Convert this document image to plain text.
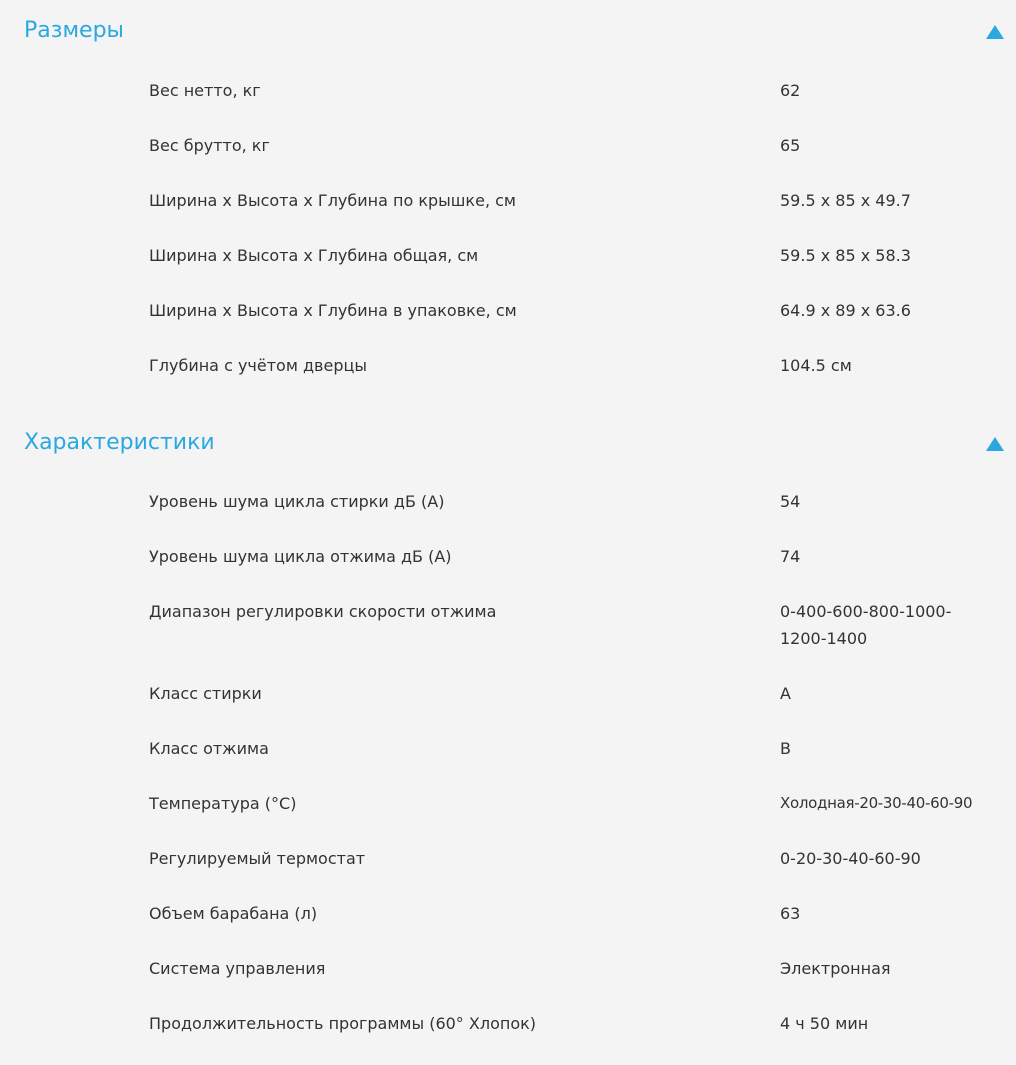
Размеры
Вес нетто, кг	62
Вес брутто, кг	65
Ширина x Высота x Глубина по крышке, см	59.5 x 85 x 49.7
Ширина x Высота x Глубина общая, см	59.5 x 85 x 58.3
Ширина x Высота x Глубина в упаковке, см	64.9 x 89 x 63.6
Глубина с учётом дверцы	104.5 см
Характеристики
Уровень шума цикла стирки дБ (А)	54
Уровень шума цикла отжима дБ (А)	74
Диапазон регулировки скорости отжима	0-400-600-800-1000-1200-1400
Класс стирки	A
Класс отжима	B
Температура (°C)	Холодная-20-30-40-60-90
Регулируемый термостат	0-20-30-40-60-90
Объем барабана (л)	63
Система управления	Электронная
Продолжительность программы (60° Хлопок)	4 ч 50 мин
